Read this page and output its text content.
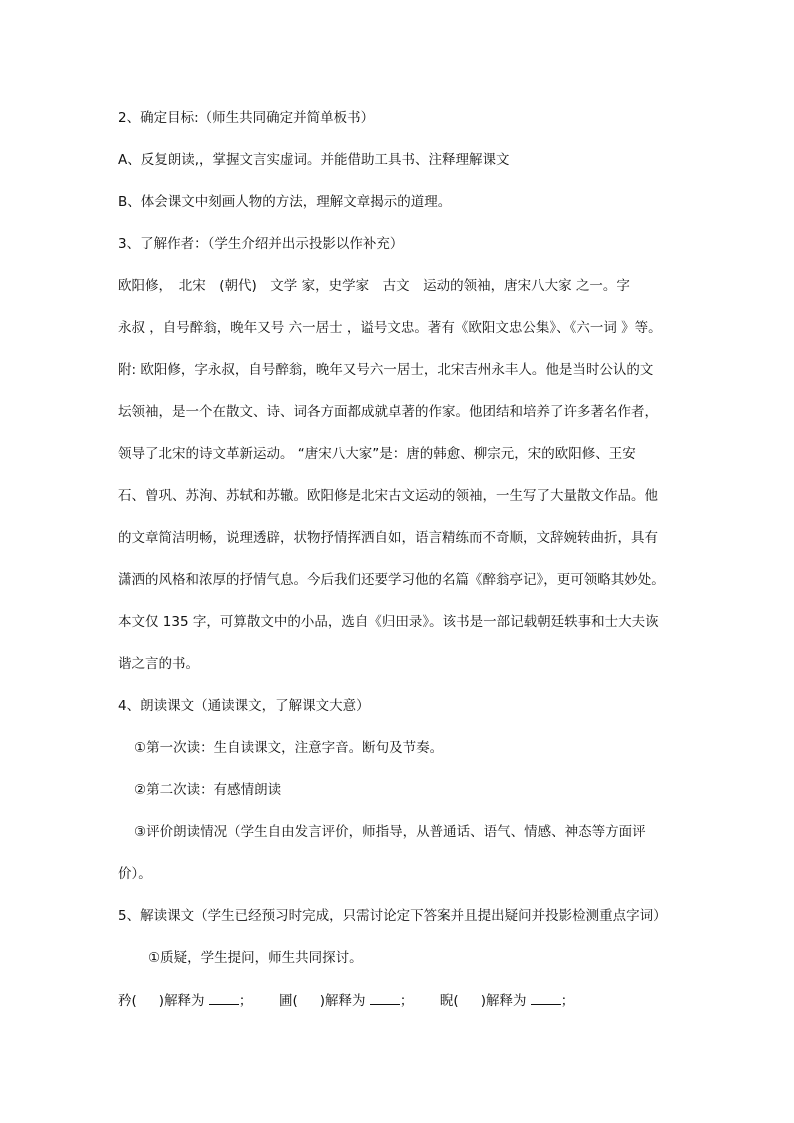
2、确定目标:（师生共同确定并简单板书）
A、反复朗读,，掌握文言实虚词。并能借助工具书、注释理解课文
B、体会课文中刻画人物的方法，理解文章揭示的道理。
3、了解作者：（学生介绍并出示投影以作补充）
欧阳修，　北宋　(朝代)　文学 家，史学家　古文　运动的领袖，唐宋八大家 之一。字
永叔 ，自号醉翁，晚年又号 六一居士 ，谥号文忠。著有《欧阳文忠公集》、《六一词 》等。
附: 欧阳修，字永叔，自号醉翁，晚年又号六一居士，北宋吉州永丰人。他是当时公认的文
坛领袖，是一个在散文、诗、词各方面都成就卓著的作家。他团结和培养了许多著名作者，
领导了北宋的诗文革新运动。 “唐宋八大家”是：唐的韩愈、柳宗元，宋的欧阳修、王安
石、曾巩、苏洵、苏轼和苏辙。欧阳修是北宋古文运动的领袖，一生写了大量散文作品。他
的文章简洁明畅，说理透辟，状物抒情挥洒自如，语言精练而不奇顺，文辞婉转曲折，具有
潇洒的风格和浓厚的抒情气息。今后我们还要学习他的名篇《醉翁亭记》，更可领略其妙处。
本文仅 135 字，可算散文中的小品，选自《归田录》。该书是一部记载朝廷轶事和士大夫诙
谐之言的书。
4、朗读课文（通读课文，了解课文大意）
①第一次读：生自读课文，注意字音。断句及节奏。
②第二次读：有感情朗读
③评价朗读情况（学生自由发言评价，师指导，从普通话、语气、情感、神态等方面评
价）。
5、解读课文（学生已经预习时完成，只需讨论定下答案并且提出疑问并投影检测重点字词）
①质疑，学生提问，师生共同探讨。
矜( )解释为	； 圃( )解释为	； 睨( )解释为	；
